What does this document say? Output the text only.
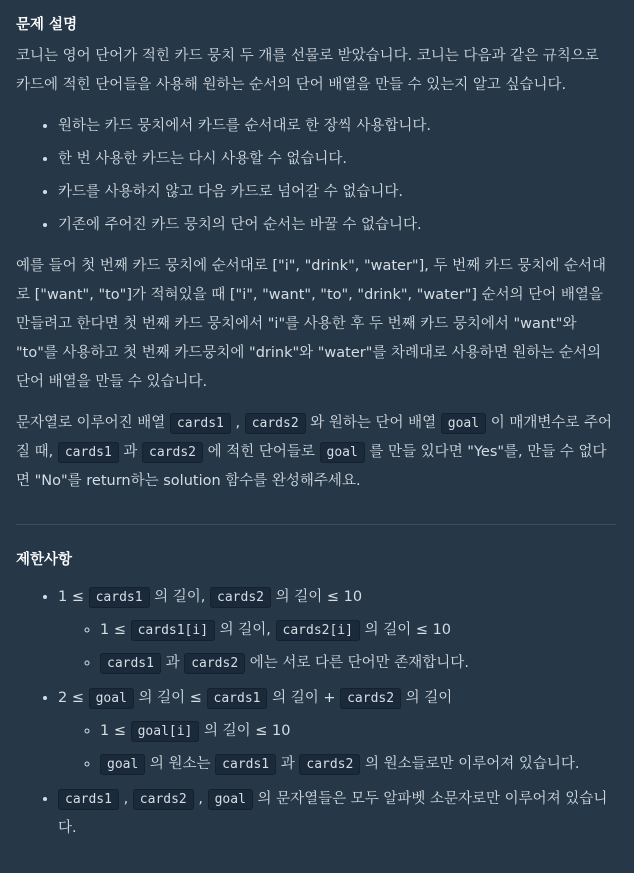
문제 설명

코니는 영어 단어가 적힌 카드 뭉치 두 개를 선물로 받았습니다. 코니는 다음과 같은 규칙으로 카드에 적힌 단어들을 사용해 원하는 순서의 단어 배열을 만들 수 있는지 알고 싶습니다.

• 원하는 카드 뭉치에서 카드를 순서대로 한 장씩 사용합니다.
• 한 번 사용한 카드는 다시 사용할 수 없습니다.
• 카드를 사용하지 않고 다음 카드로 넘어갈 수 없습니다.
• 기존에 주어진 카드 뭉치의 단어 순서는 바꿀 수 없습니다.

예를 들어 첫 번째 카드 뭉치에 순서대로 ["i", "drink", "water"], 두 번째 카드 뭉치에 순서대로 ["want", "to"]가 적혀있을 때 ["i", "want", "to", "drink", "water"] 순서의 단어 배열을 만들려고 한다면 첫 번째 카드 뭉치에서 "i"를 사용한 후 두 번째 카드 뭉치에서 "want"와 "to"를 사용하고 첫 번째 카드뭉치에 "drink"와 "water"를 차례대로 사용하면 원하는 순서의 단어 배열을 만들 수 있습니다.

문자열로 이루어진 배열 cards1 , cards2 와 원하는 단어 배열 goal 이 매개변수로 주어질 때, cards1 과 cards2 에 적힌 단어들로 goal 를 만들 있다면 "Yes"를, 만들 수 없다면 "No"를 return하는 solution 함수를 완성해주세요.

제한사항
• 1 ≤ cards1 의 길이, cards2 의 길이 ≤ 10
◦ 1 ≤ cards1[i] 의 길이, cards2[i] 의 길이 ≤ 10
◦ cards1 과 cards2 에는 서로 다른 단어만 존재합니다.
• 2 ≤ goal 의 길이 ≤ cards1 의 길이 + cards2 의 길이
◦ 1 ≤ goal[i] 의 길이 ≤ 10
◦ goal 의 원소는 cards1 과 cards2 의 원소들로만 이루어져 있습니다.
• cards1 , cards2 , goal 의 문자열들은 모두 알파벳 소문자로만 이루어져 있습니다.
